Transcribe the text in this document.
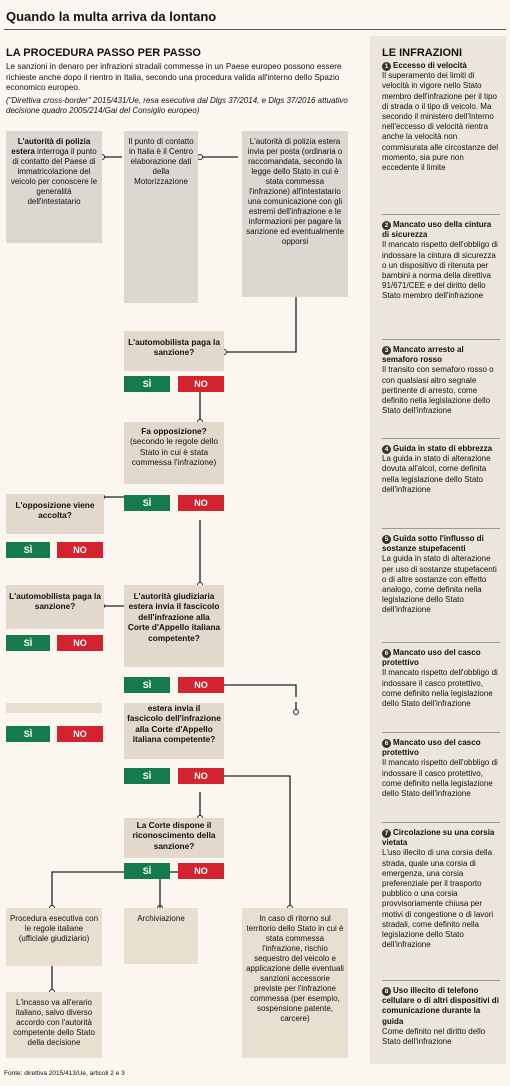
Quando la multa arriva da lontano
LA PROCEDURA PASSO PER PASSO
Le sanzioni in denaro per infrazioni stradali commesse in un Paese europeo possono essere richieste anche dopo il rientro in Italia, secondo una procedura valida all'interno dello Spazio economico europeo.
("Direttiva cross-border" 2015/431/Ue, resa esecutiva dal Dlgs 37/2014, e Dlgs 37/2016 attuativo decisione quadro 2005/214/Gai del Consiglio europeo)
L'autorità di polizia estera interroga il punto di contatto del Paese di immatricolazione del veicolo per conoscere le generalità dell'intestatario
Il punto di contatto in Italia è il Centro elaborazione dati della Motorizzazione
L'autorità di polizia estera invia per posta (ordinaria o raccomandata, secondo la legge dello Stato in cui è stata commessa l'infrazione) all'intestatario una comunicazione con gli estremi dell'infrazione e le informazioni per pagare la sanzione ed eventualmente opporsi
L'automobilista paga la sanzione?
SÌ	NO
Fa opposizione?
(secondo le regole dello Stato in cui è stata commessa l'infrazione)
SÌ	NO
L'opposizione viene accolta?
SÌ	NO
L'automobilista paga la sanzione?
SÌ	NO
L'autorità giudiziaria estera invia il fascicolo dell'infrazione alla Corte d'Appello italiana competente?
SÌ	NO
estera invia il
fascicolo dell'infrazione alla Corte d'Appello italiana competente?
SÌ	NO
SÌ	NO
La Corte dispone il riconoscimento della sanzione?
SÌ	NO
Procedura esecutiva con le regole italiane (ufficiale giudiziario)
Archiviazione	In caso di ritorno sul territorio dello Stato in cui è stata commessa l'infrazione, rischio sequestro del veicolo e applicazione delle eventuali sanzioni accessorie previste per l'infrazione commessa (per esempio, sospensione patente, carcere)
L'incasso va all'erario italiano, salvo diverso accordo con l'autorità competente dello Stato della decisione
LE INFRAZIONI
1 Eccesso di velocità
Il superamento dei limiti di velocità in vigore nello Stato membro dell'infrazione per il tipo di strada o il tipo di veicolo. Ma secondo il ministero dell'Interno nell'eccesso di velocità rientra anche la velocità non commisurata alle circostanze del momento, sia pure non eccedente il limite
2 Mancato uso della cintura di sicurezza
Il mancato rispetto dell'obbligo di indossare la cintura di sicurezza o un dispositivo di ritenuta per bambini a norma della direttiva 91/671/CEE e del diritto dello Stato membro dell'infrazione
3 Mancato arresto al semaforo rosso
Il transito con semaforo rosso o con qualsiasi altro segnale pertinente di arresto, come definito nella legislazione dello Stato dell'infrazione
4 Guida in stato di ebbrezza
La guida in stato di alterazione dovuta all'alcol, come definita nella legislazione dello Stato dell'infrazione
5 Guida sotto l'influsso di sostanze stupefacenti
La guida in stato di alterazione per uso di sostanze stupefacenti o di altre sostanze con effetto analogo, come definita nella legislazione dello Stato dell'infrazione
6 Mancato uso del casco protettivo
Il mancato rispetto dell'obbligo di indossare il casco protettivo, come definito nella legislazione dello Stato dell'infrazione
6 Mancato uso del casco protettivo
Il mancato rispetto dell'obbligo di indossare il casco protettivo, come definito nella legislazione dello Stato dell'infrazione
7 Circolazione su una corsia vietata
L'uso illecito di una corsia della strada, quale una corsia di emergenza, una corsia preferenziale per il trasporto pubblico o una corsia provvisoriamente chiusa per motivi di congestione o di lavori stradali, come definito nella legislazione dello Stato dell'infrazione
8 Uso illecito di telefono cellulare o di altri dispositivi di comunicazione durante la guida
Come definito nel diritto dello Stato dell'infrazione
Fonte: direttiva 2015/413/Ue, articoli 2 e 3
